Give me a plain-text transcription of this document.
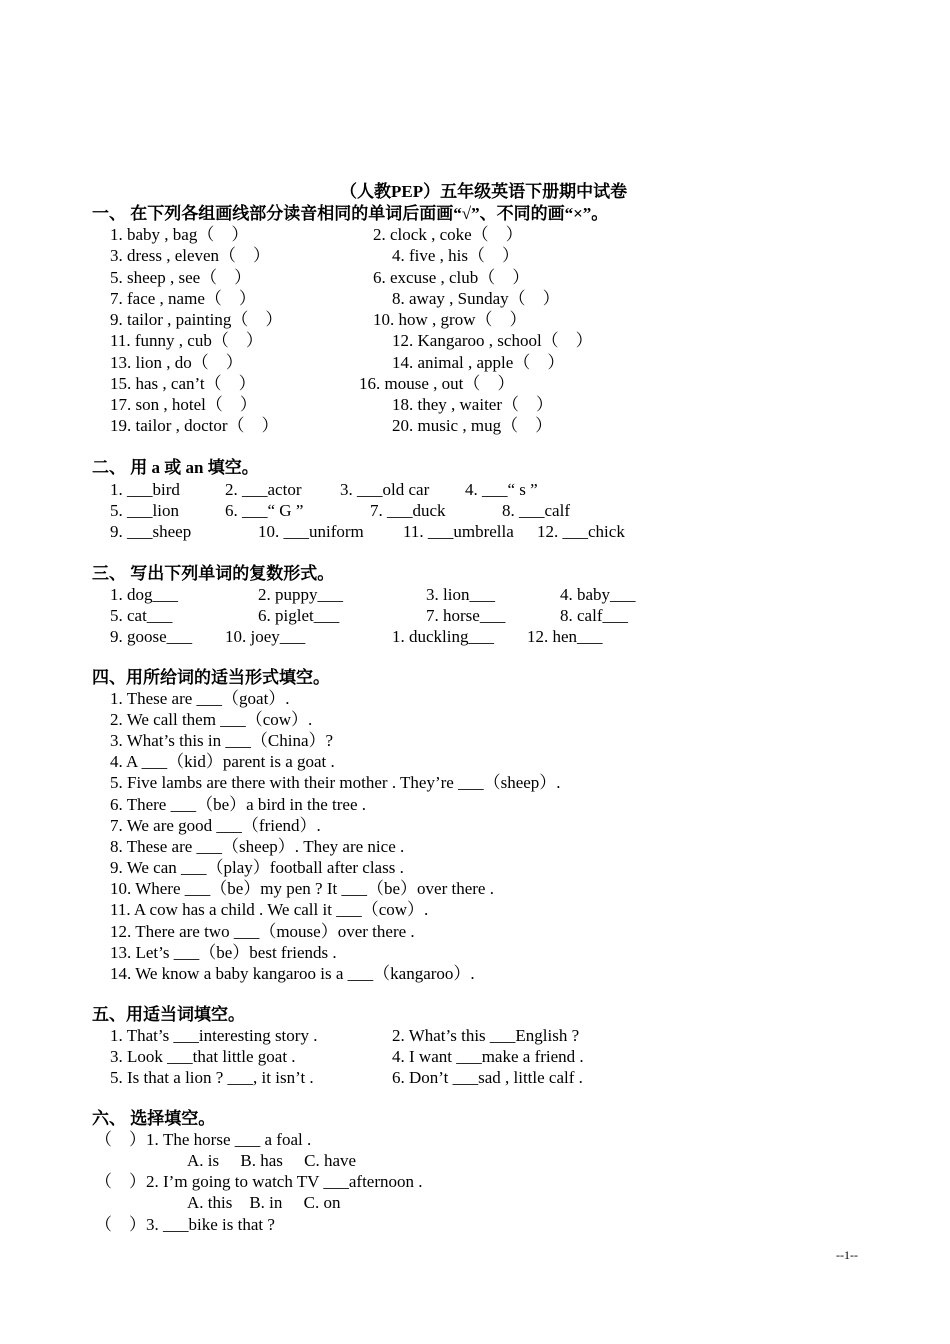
（人教PEP）五年级英语下册期中试卷
一、 在下列各组画线部分读音相同的单词后面画“√”、不同的画“×”。
1. baby , bag（    ）	2. clock , coke（    ）
3. dress , eleven（    ）	4. five , his（    ）
5. sheep , see（    ）	6. excuse , club（    ）
7. face , name（    ）	8. away , Sunday（    ）
9. tailor , painting（    ）	10. how , grow（    ）
11. funny , cub（    ）	12. Kangaroo , school（    ）
13. lion , do（    ）	14. animal , apple（    ）
15. has , can’t（    ）	16. mouse , out（    ）
17. son , hotel（    ）	18. they , waiter（    ）
19. tailor , doctor（    ）	20. music , mug（    ）
二、 用 a 或 an 填空。
1. ___bird	2. ___actor 3. ___old car 4. ___“ s ”
5. ___lion	6. ___“ G ”	7. ___duck	8. ___calf
9. ___sheep	10. ___uniform 11. ___umbrella 12. ___chick
三、 写出下列单词的复数形式。
1. dog___	2. puppy___	3. lion___	4. baby___
5. cat___	6. piglet___	7. horse___	8. calf___
9. goose___ 10. joey___	1. duckling___ 12. hen___
四、用所给词的适当形式填空。
1. These are ___（goat）.
2. We call them ___（cow）.
3. What’s this in ___（China）?
4. A ___（kid）parent is a goat .
5. Five lambs are there with their mother . They’re ___（sheep）.
6. There ___（be）a bird in the tree .
7. We are good ___（friend）.
8. These are ___（sheep）. They are nice .
9. We can ___（play）football after class .
10. Where ___（be）my pen ? It ___（be）over there .
11. A cow has a child . We call it ___（cow）.
12. There are two ___（mouse）over there .
13. Let’s ___（be）best friends .
14. We know a baby kangaroo is a ___（kangaroo）.
五、用适当词填空。
1. That’s ___interesting story .	2. What’s this ___English ?
3. Look ___that little goat .	4. I want ___make a friend .
5. Is that a lion ? ___, it isn’t .	6. Don’t ___sad , little calf .
六、 选择填空。
（    ）1. The horse ___ a foal .
A. is     B. has     C. have
（    ）2. I’m going to watch TV ___afternoon .
A. this    B. in     C. on
（    ）3. ___bike is that ?
--1--
